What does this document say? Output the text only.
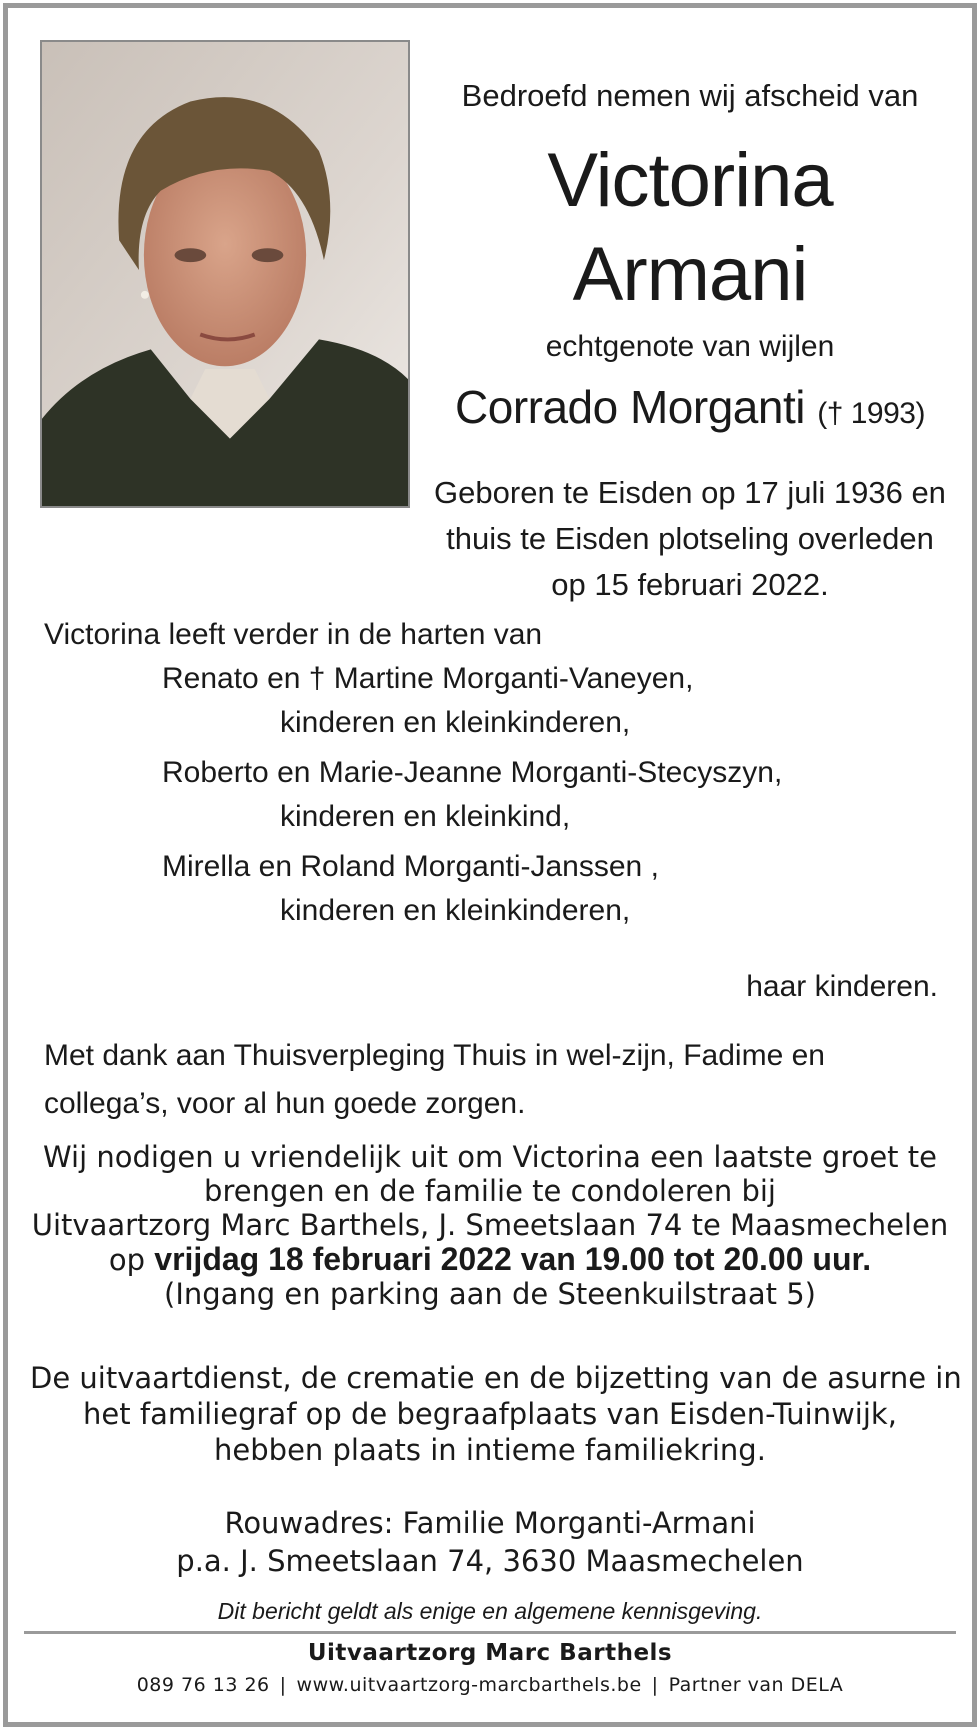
Bedroefd nemen wij afscheid van
Victorina
Armani
echtgenote van wijlen
Corrado Morganti († 1993)
Geboren te Eisden op 17 juli 1936 en
thuis te Eisden plotseling overleden
op 15 februari 2022.
Victorina leeft verder in de harten van
Renato en † Martine Morganti-Vaneyen,
kinderen en kleinkinderen,
Roberto en Marie-Jeanne Morganti-Stecyszyn,
kinderen en kleinkind,
Mirella en Roland Morganti-Janssen ,
kinderen en kleinkinderen,
haar kinderen.
Met dank aan Thuisverpleging Thuis in wel-zijn, Fadime en collega’s, voor al hun goede zorgen.
Wij nodigen u vriendelijk uit om Victorina een laatste groet te
brengen en de familie te condoleren bij
Uitvaartzorg Marc Barthels, J. Smeetslaan 74 te Maasmechelen
op vrijdag 18 februari 2022 van 19.00 tot 20.00 uur.
(Ingang en parking aan de Steenkuilstraat 5)
De uitvaartdienst, de crematie en de bijzetting van de asurne in
het familiegraf op de begraafplaats van Eisden-Tuinwijk,
hebben plaats in intieme familiekring.
Rouwadres: Familie Morganti-Armani
p.a. J. Smeetslaan 74, 3630 Maasmechelen
Dit bericht geldt als enige en algemene kennisgeving.
Uitvaartzorg Marc Barthels
089 76 13 26 | www.uitvaartzorg-marcbarthels.be | Partner van DELA
